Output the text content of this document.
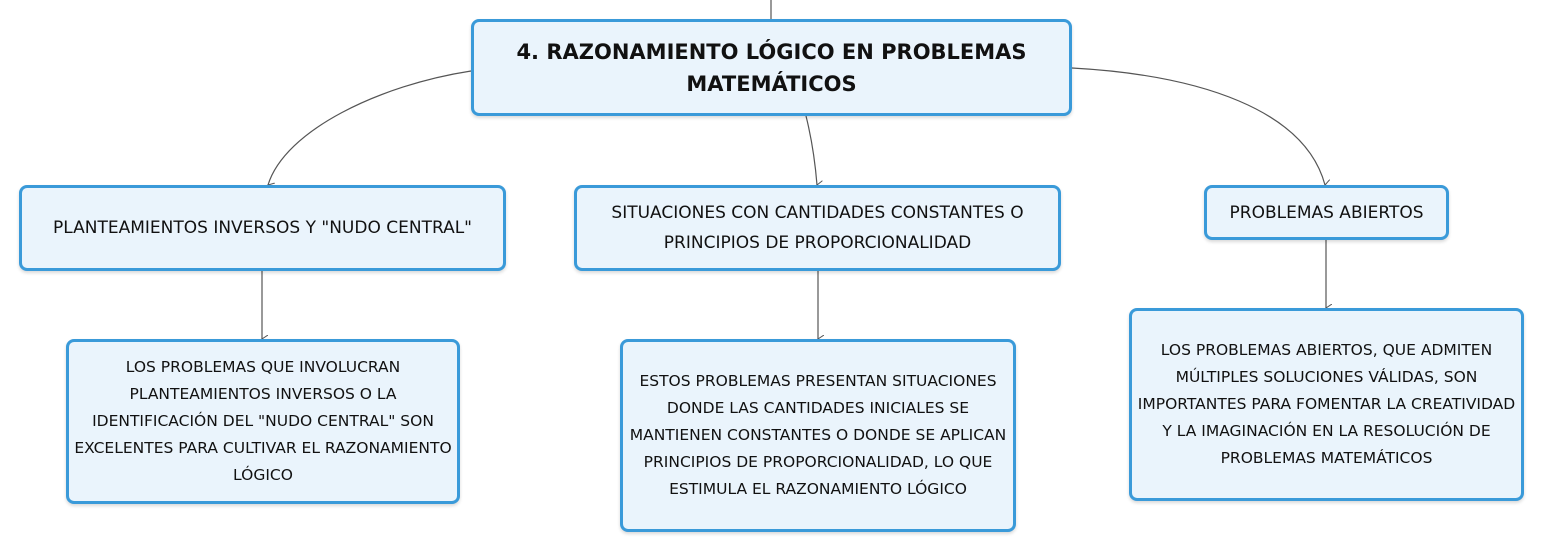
4. RAZONAMIENTO LÓGICO EN PROBLEMAS MATEMÁTICOS
PLANTEAMIENTOS INVERSOS Y "NUDO CENTRAL"
SITUACIONES CON CANTIDADES CONSTANTES O PRINCIPIOS DE PROPORCIONALIDAD
PROBLEMAS ABIERTOS
LOS PROBLEMAS QUE INVOLUCRAN PLANTEAMIENTOS INVERSOS O LA IDENTIFICACIÓN DEL "NUDO CENTRAL" SON EXCELENTES PARA CULTIVAR EL RAZONAMIENTO LÓGICO
ESTOS PROBLEMAS PRESENTAN SITUACIONES DONDE LAS CANTIDADES INICIALES SE MANTIENEN CONSTANTES O DONDE SE APLICAN PRINCIPIOS DE PROPORCIONALIDAD, LO QUE ESTIMULA EL RAZONAMIENTO LÓGICO
LOS PROBLEMAS ABIERTOS, QUE ADMITEN MÚLTIPLES SOLUCIONES VÁLIDAS, SON IMPORTANTES PARA FOMENTAR LA CREATIVIDAD Y LA IMAGINACIÓN EN LA RESOLUCIÓN DE PROBLEMAS MATEMÁTICOS
